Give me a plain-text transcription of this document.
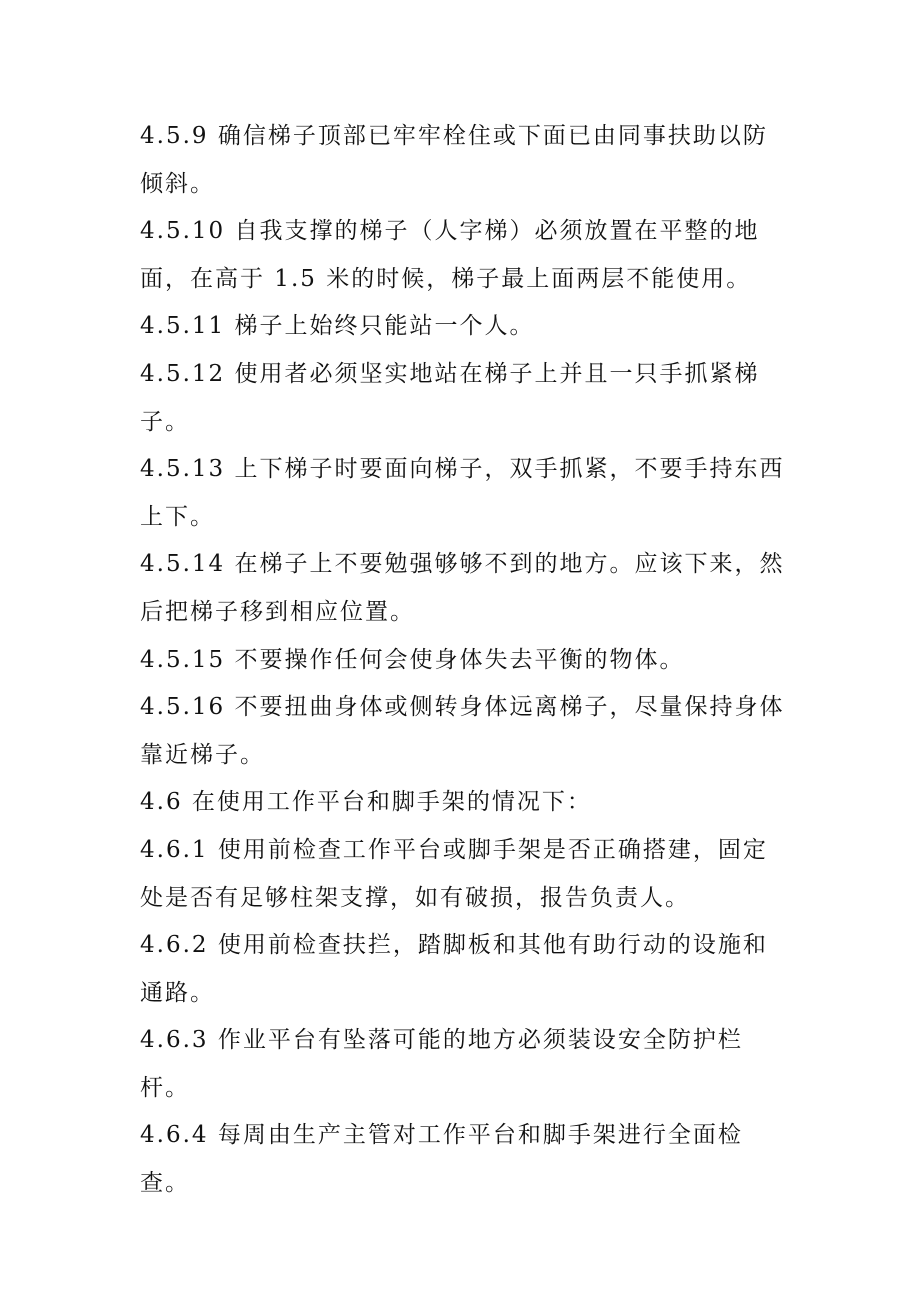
4.5.9 确信梯子顶部已牢牢栓住或下面已由同事扶助以防倾斜。

4.5.10 自我支撑的梯子（人字梯）必须放置在平整的地面，在高于 1.5 米的时候，梯子最上面两层不能使用。

4.5.11 梯子上始终只能站一个人。

4.5.12 使用者必须坚实地站在梯子上并且一只手抓紧梯子。

4.5.13 上下梯子时要面向梯子，双手抓紧，不要手持东西上下。

4.5.14 在梯子上不要勉强够够不到的地方。应该下来，然后把梯子移到相应位置。

4.5.15 不要操作任何会使身体失去平衡的物体。

4.5.16 不要扭曲身体或侧转身体远离梯子，尽量保持身体靠近梯子。

4.6 在使用工作平台和脚手架的情况下：

4.6.1 使用前检查工作平台或脚手架是否正确搭建，固定处是否有足够柱架支撑，如有破损，报告负责人。

4.6.2 使用前检查扶拦，踏脚板和其他有助行动的设施和通路。

4.6.3 作业平台有坠落可能的地方必须装设安全防护栏杆。

4.6.4 每周由生产主管对工作平台和脚手架进行全面检查。
